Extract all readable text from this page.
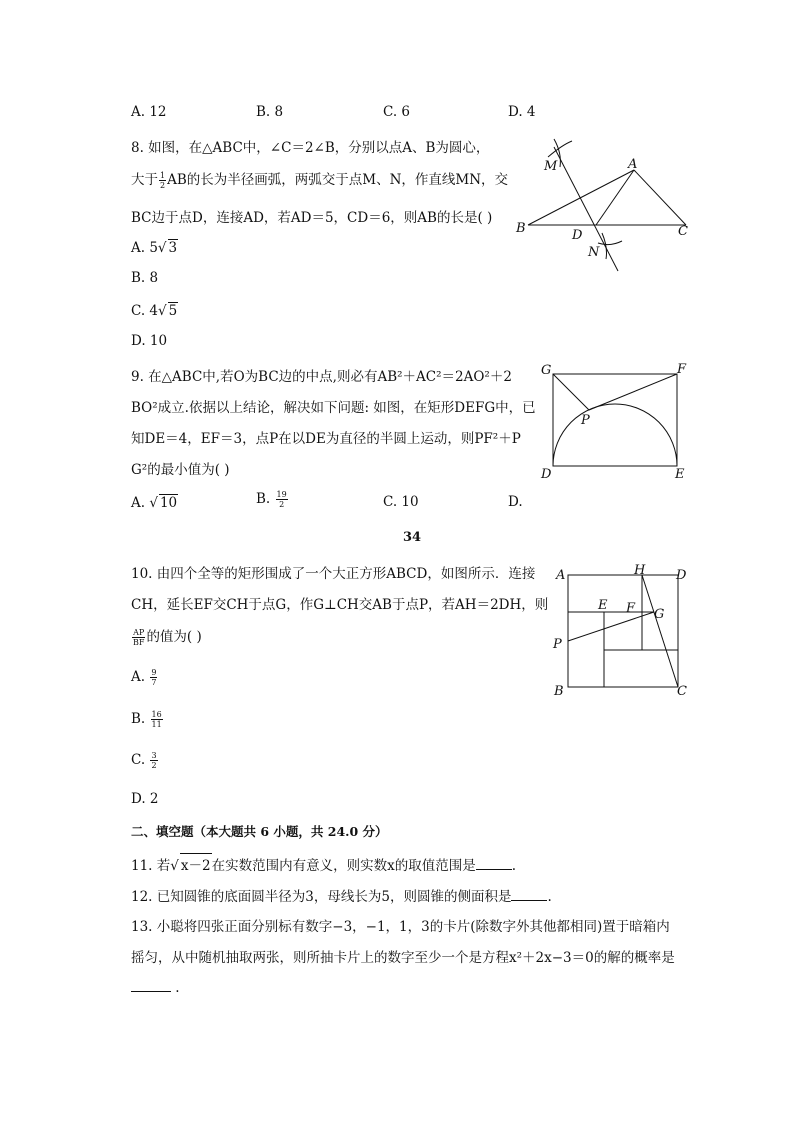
A. 12	B. 8	C. 6	D. 4
8. 如图，在△ABC中，∠C＝2∠B，分别以点A、B为圆心，
大于 $\frac{1}{2}$ AB的长为半径画弧，两弧交于点M、N，作直线MN，交
BC边于点D，连接AD，若AD＝5，CD＝6，则AB的长是( )
A. 5√ 3
B. 8
C. 4√ 5
D. 10
M	A
B	D	C
N
9. 在△ABC中,若O为BC边的中点,则必有AB²＋AC²＝2AO²＋2
BO²成立.依据以上结论，解决如下问题: 如图，在矩形DEFG中，已
知DE＝4，EF＝3，点P在以DE为直径的半圆上运动，则PF²＋P
G²的最小值为( )
A. √ 10	B. $\frac{19}{2}$	C. 10	D.
34
G	F
P
D	E
10. 由四个全等的矩形围成了一个大正方形ABCD，如图所示．连接
CH，延长EF交CH于点G，作G⊥CH交AB于点P，若AH＝2DH，则
$\frac{AP}{BF}$ 的值为( )
A. $\frac{9}{7}$
B. $\frac{16}{11}$
C. $\frac{3}{2}$
D. 2
A	H D
E F G
P
B	C
二、填空题（本大题共 6 小题，共 24.0 分）
11. 若√ x－2在实数范围内有意义，则实数x的取值范围是	.
12. 已知圆锥的底面圆半径为3，母线长为5，则圆锥的侧面积是	.
13. 小聪将四张正面分别标有数字−3，−1，1，3的卡片(除数字外其他都相同)置于暗箱内
摇匀，从中随机抽取两张，则所抽卡片上的数字至少一个是方程x²＋2x−3＝0的解的概率是
.
